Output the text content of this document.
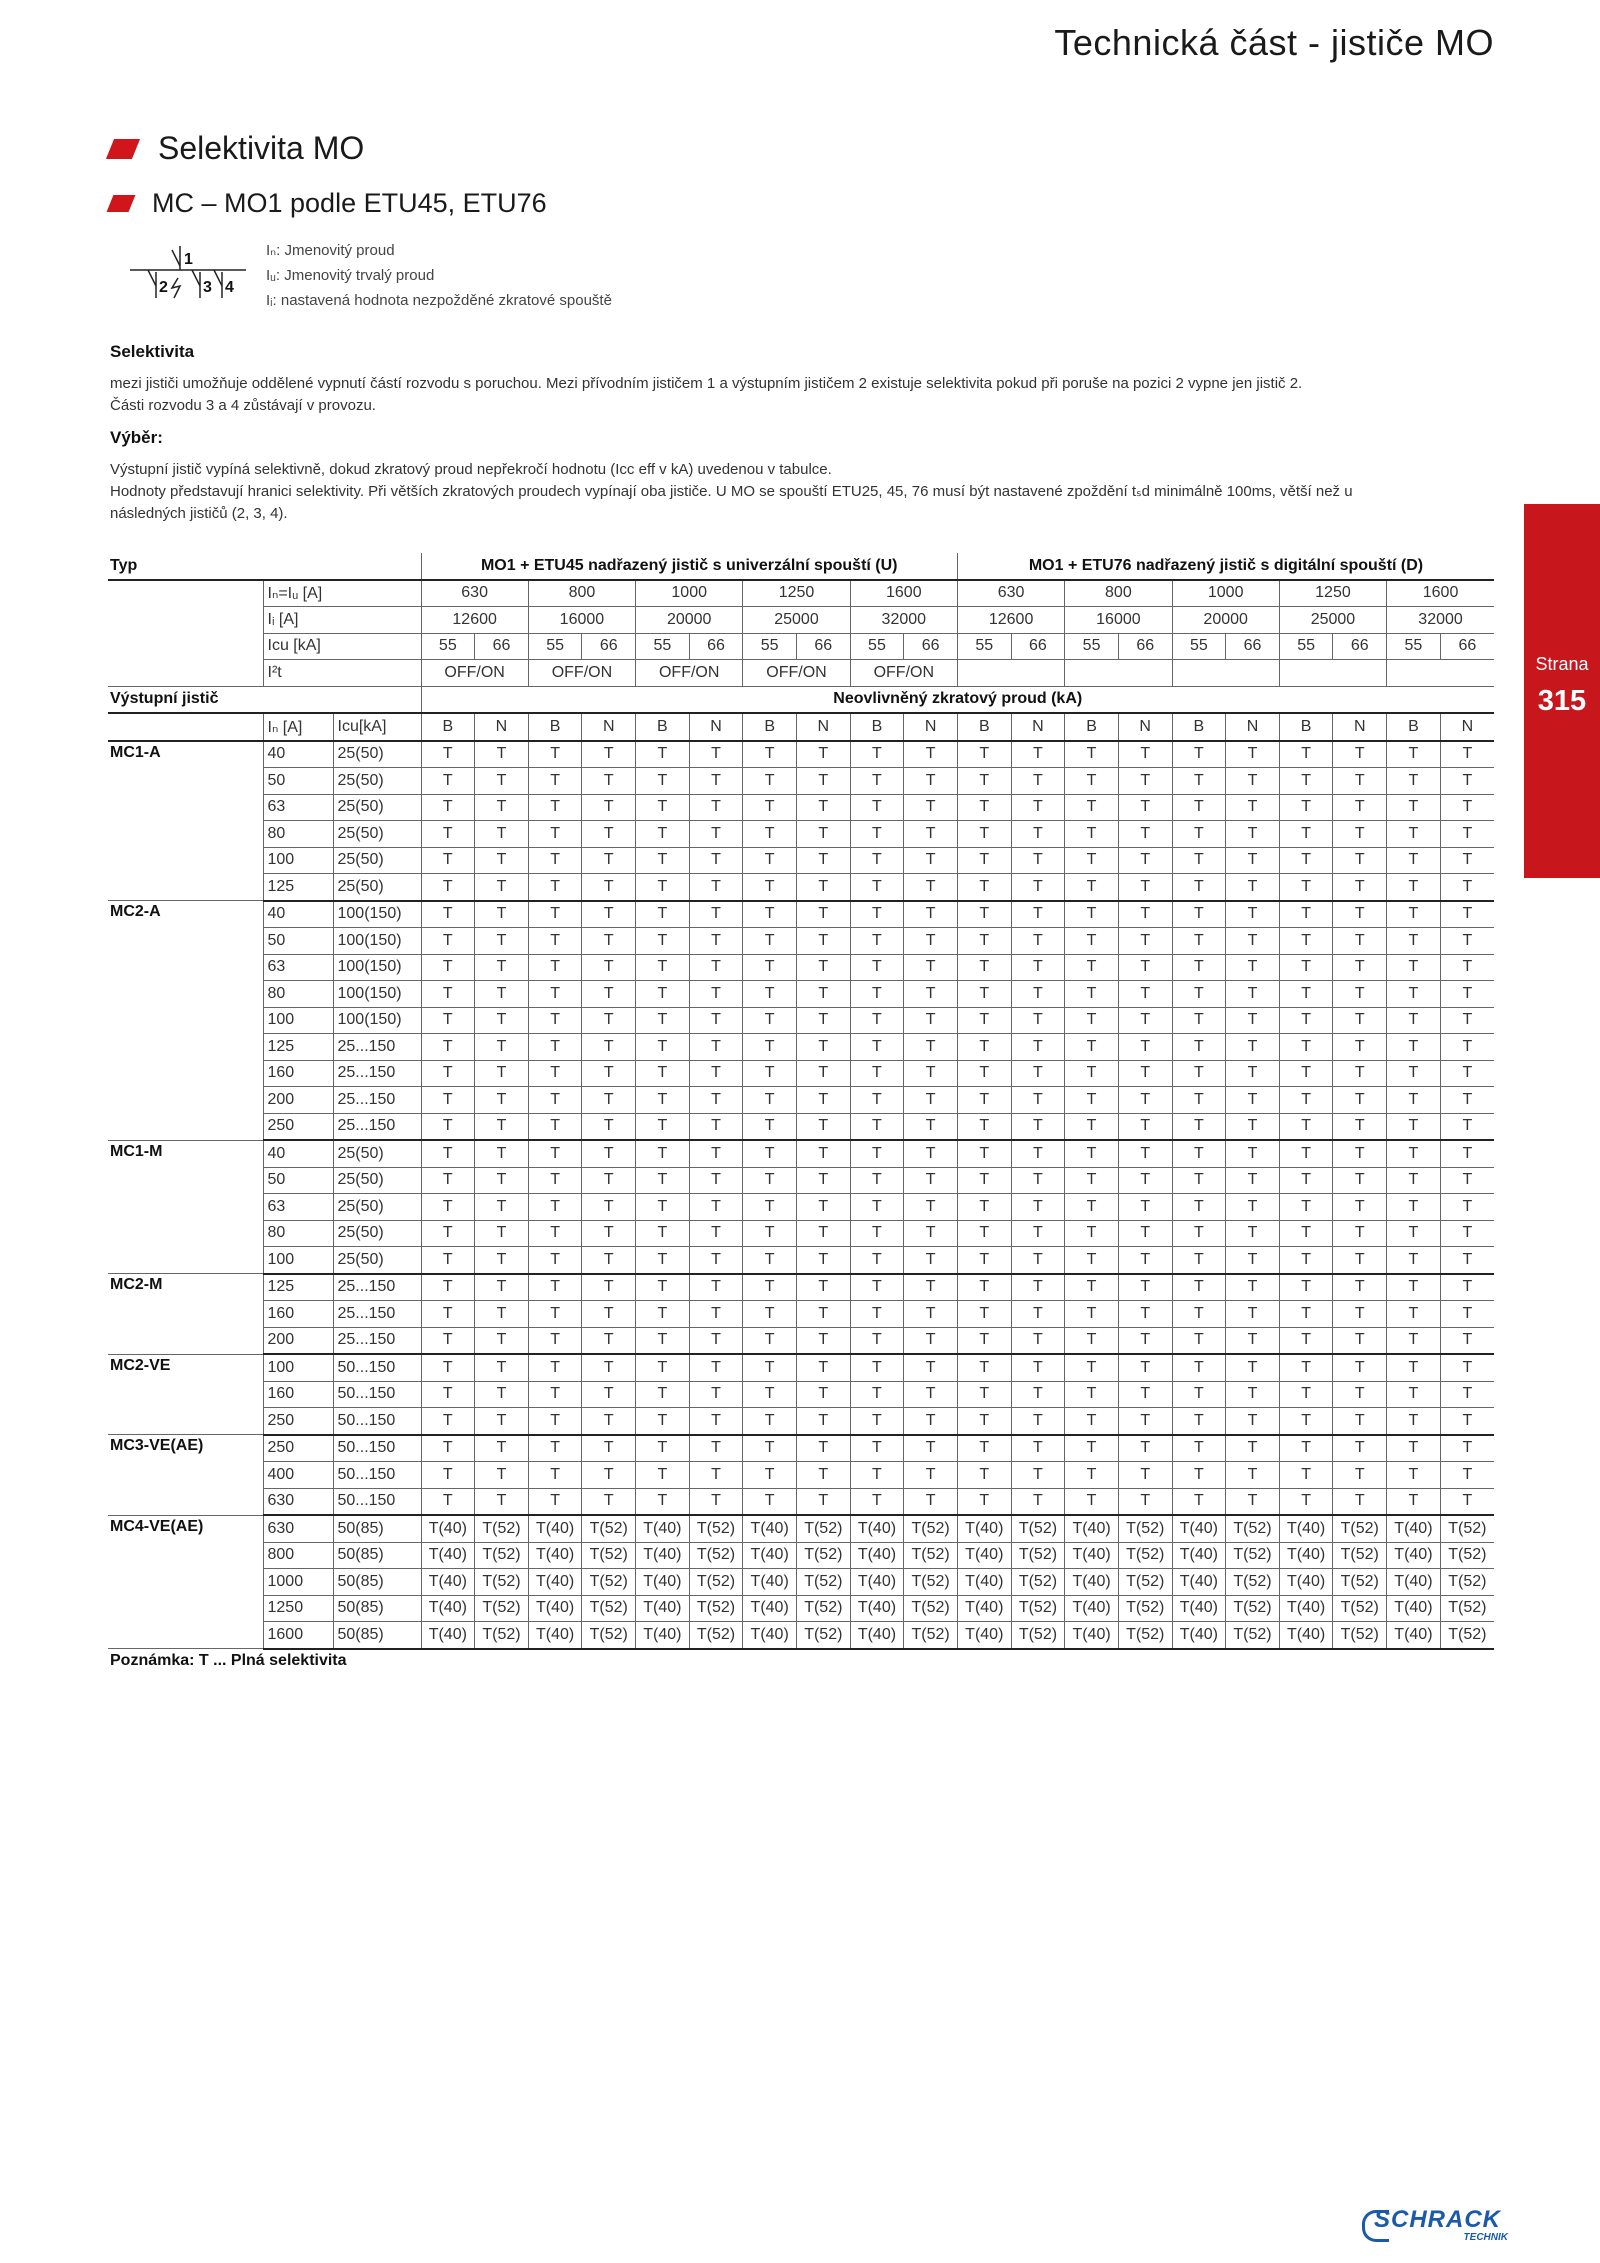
Technická část - jističe MO
Selektivita MO
MC – MO1 podle ETU45, ETU76
1
2 3 4
Iₙ: Jmenovitý proud
Iᵤ: Jmenovitý trvalý proud
Iᵢ: nastavená hodnota nezpožděné zkratové spouště
Selektivita
mezi jističi umožňuje oddělené vypnutí částí rozvodu s poruchou. Mezi přívodním jističem 1 a výstupním jističem 2 existuje selektivita pokud při poruše na pozici 2 vypne jen jistič 2.
Části rozvodu 3 a 4 zůstávají v provozu.
Výběr:
Výstupní jistič vypíná selektivně, dokud zkratový proud nepřekročí hodnotu (Icc eff v kA) uvedenou v tabulce.
Hodnoty představují hranici selektivity. Při větších zkratových proudech vypínají oba jističe. U MO se spouští ETU25, 45, 76 musí být nastavené zpoždění tₛd minimálně 100ms, větší než u
následných jističů (2, 3, 4).
Strana
315
Typ			MO1 + ETU45 nadřazený jistič s univerzální spouští (U)										MO1 + ETU76 nadřazený jistič s digitální spouští (D)									
	Iₙ=Iᵤ [A]		630		800		1000		1250		1600		630		800		1000		1250		1600	
	Iᵢ [A]		12600		16000		20000		25000		32000		12600		16000		20000		25000		32000	
	Icu [kA]		55	66	55	66	55	66	55	66	55	66	55	66	55	66	55	66	55	66	55	66
	I²t		OFF/ON		OFF/ON		OFF/ON		OFF/ON		OFF/ON											
Výstupní jistič			Neovlivněný zkratový proud (kA)																			
	Iₙ [A]	Icu[kA]	B	N	B	N	B	N	B	N	B	N	B	N	B	N	B	N	B	N	B	N
MC1-A	40	25(50)	T	T	T	T	T	T	T	T	T	T	T	T	T	T	T	T	T	T	T	T
	50	25(50)	T	T	T	T	T	T	T	T	T	T	T	T	T	T	T	T	T	T	T	T
	63	25(50)	T	T	T	T	T	T	T	T	T	T	T	T	T	T	T	T	T	T	T	T
	80	25(50)	T	T	T	T	T	T	T	T	T	T	T	T	T	T	T	T	T	T	T	T
	100	25(50)	T	T	T	T	T	T	T	T	T	T	T	T	T	T	T	T	T	T	T	T
	125	25(50)	T	T	T	T	T	T	T	T	T	T	T	T	T	T	T	T	T	T	T	T
MC2-A	40	100(150)	T	T	T	T	T	T	T	T	T	T	T	T	T	T	T	T	T	T	T	T
	50	100(150)	T	T	T	T	T	T	T	T	T	T	T	T	T	T	T	T	T	T	T	T
	63	100(150)	T	T	T	T	T	T	T	T	T	T	T	T	T	T	T	T	T	T	T	T
	80	100(150)	T	T	T	T	T	T	T	T	T	T	T	T	T	T	T	T	T	T	T	T
	100	100(150)	T	T	T	T	T	T	T	T	T	T	T	T	T	T	T	T	T	T	T	T
	125	25...150	T	T	T	T	T	T	T	T	T	T	T	T	T	T	T	T	T	T	T	T
	160	25...150	T	T	T	T	T	T	T	T	T	T	T	T	T	T	T	T	T	T	T	T
	200	25...150	T	T	T	T	T	T	T	T	T	T	T	T	T	T	T	T	T	T	T	T
	250	25...150	T	T	T	T	T	T	T	T	T	T	T	T	T	T	T	T	T	T	T	T
MC1-M	40	25(50)	T	T	T	T	T	T	T	T	T	T	T	T	T	T	T	T	T	T	T	T
	50	25(50)	T	T	T	T	T	T	T	T	T	T	T	T	T	T	T	T	T	T	T	T
	63	25(50)	T	T	T	T	T	T	T	T	T	T	T	T	T	T	T	T	T	T	T	T
	80	25(50)	T	T	T	T	T	T	T	T	T	T	T	T	T	T	T	T	T	T	T	T
	100	25(50)	T	T	T	T	T	T	T	T	T	T	T	T	T	T	T	T	T	T	T	T
MC2-M	125	25...150	T	T	T	T	T	T	T	T	T	T	T	T	T	T	T	T	T	T	T	T
	160	25...150	T	T	T	T	T	T	T	T	T	T	T	T	T	T	T	T	T	T	T	T
	200	25...150	T	T	T	T	T	T	T	T	T	T	T	T	T	T	T	T	T	T	T	T
MC2-VE	100	50...150	T	T	T	T	T	T	T	T	T	T	T	T	T	T	T	T	T	T	T	T
	160	50...150	T	T	T	T	T	T	T	T	T	T	T	T	T	T	T	T	T	T	T	T
	250	50...150	T	T	T	T	T	T	T	T	T	T	T	T	T	T	T	T	T	T	T	T
MC3-VE(AE)	250	50...150	T	T	T	T	T	T	T	T	T	T	T	T	T	T	T	T	T	T	T	T
	400	50...150	T	T	T	T	T	T	T	T	T	T	T	T	T	T	T	T	T	T	T	T
	630	50...150	T	T	T	T	T	T	T	T	T	T	T	T	T	T	T	T	T	T	T	T
MC4-VE(AE)	630	50(85)	T(40)	T(52)	T(40)	T(52)	T(40)	T(52)	T(40)	T(52)	T(40)	T(52)	T(40)	T(52)	T(40)	T(52)	T(40)	T(52)	T(40)	T(52)	T(40)	T(52)
	800	50(85)	T(40)	T(52)	T(40)	T(52)	T(40)	T(52)	T(40)	T(52)	T(40)	T(52)	T(40)	T(52)	T(40)	T(52)	T(40)	T(52)	T(40)	T(52)	T(40)	T(52)
	1000	50(85)	T(40)	T(52)	T(40)	T(52)	T(40)	T(52)	T(40)	T(52)	T(40)	T(52)	T(40)	T(52)	T(40)	T(52)	T(40)	T(52)	T(40)	T(52)	T(40)	T(52)
	1250	50(85)	T(40)	T(52)	T(40)	T(52)	T(40)	T(52)	T(40)	T(52)	T(40)	T(52)	T(40)	T(52)	T(40)	T(52)	T(40)	T(52)	T(40)	T(52)	T(40)	T(52)
	1600	50(85)	T(40)	T(52)	T(40)	T(52)	T(40)	T(52)	T(40)	T(52)	T(40)	T(52)	T(40)	T(52)	T(40)	T(52)	T(40)	T(52)	T(40)	T(52)	T(40)	T(52)
Poznámka: T ... Plná selektivita
SCHRACK
TECHNIK
